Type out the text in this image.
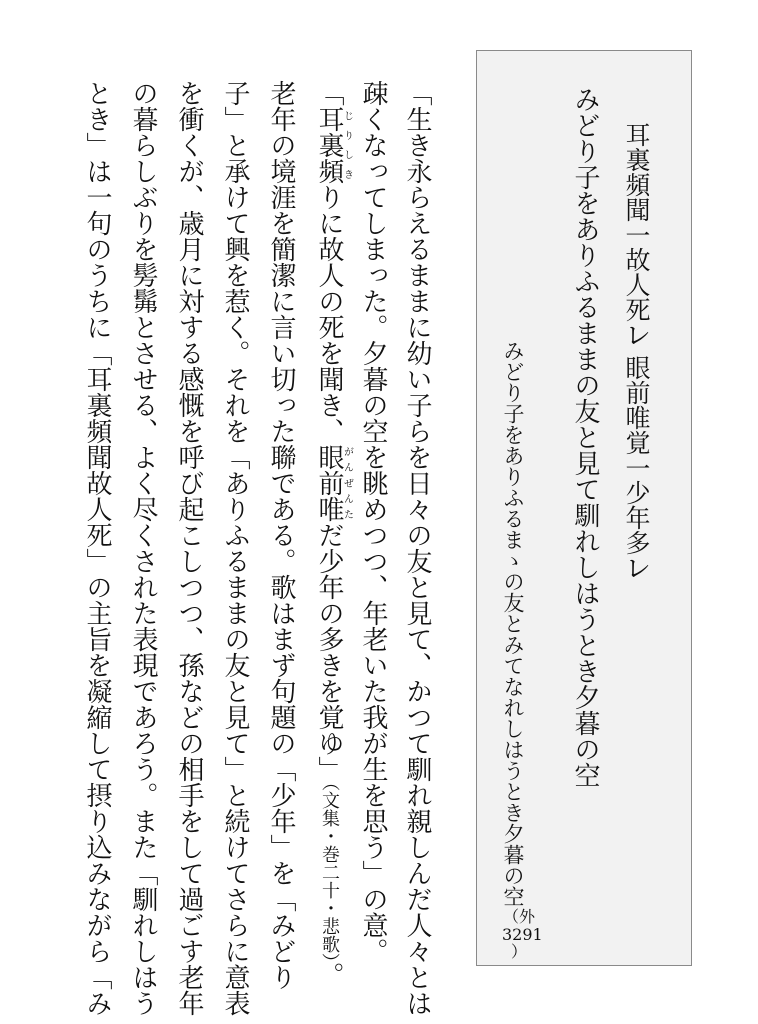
耳裏頻聞㆒故人死㆑ 眼前唯覚㆒少年多㆑
みどり子をありふるままの友と見て馴れしはうとき夕暮の空
みどり子をありふるまゝの友とみてなれしはうとき夕暮の空
（外
3291
）
「生き永らえるままに幼い子らを日々の友と見て、かつて馴れ親しんだ人々とは
疎くなってしまった。夕暮の空を眺めつつ、年老いた我が生を思う」の意。
「耳裏頻じりしきりに故人の死を聞き、眼前唯がんぜんただ少年の多きを覚ゆ」（文集・巻二十・悲歌）。
老年の境涯を簡潔に言い切った聯である。歌はまず句題の「少年」を「みどり
子」と承けて興を惹く。それを「ありふるままの友と見て」と続けてさらに意表
を衝くが、歳月に対する感慨を呼び起こしつつ、孫などの相手をして過ごす老年
の暮らしぶりを髣髴とさせる、よく尽くされた表現であろう。また「馴れしはう
とき」は一句のうちに「耳裏頻聞故人死」の主旨を凝縮して摂り込みながら「み
